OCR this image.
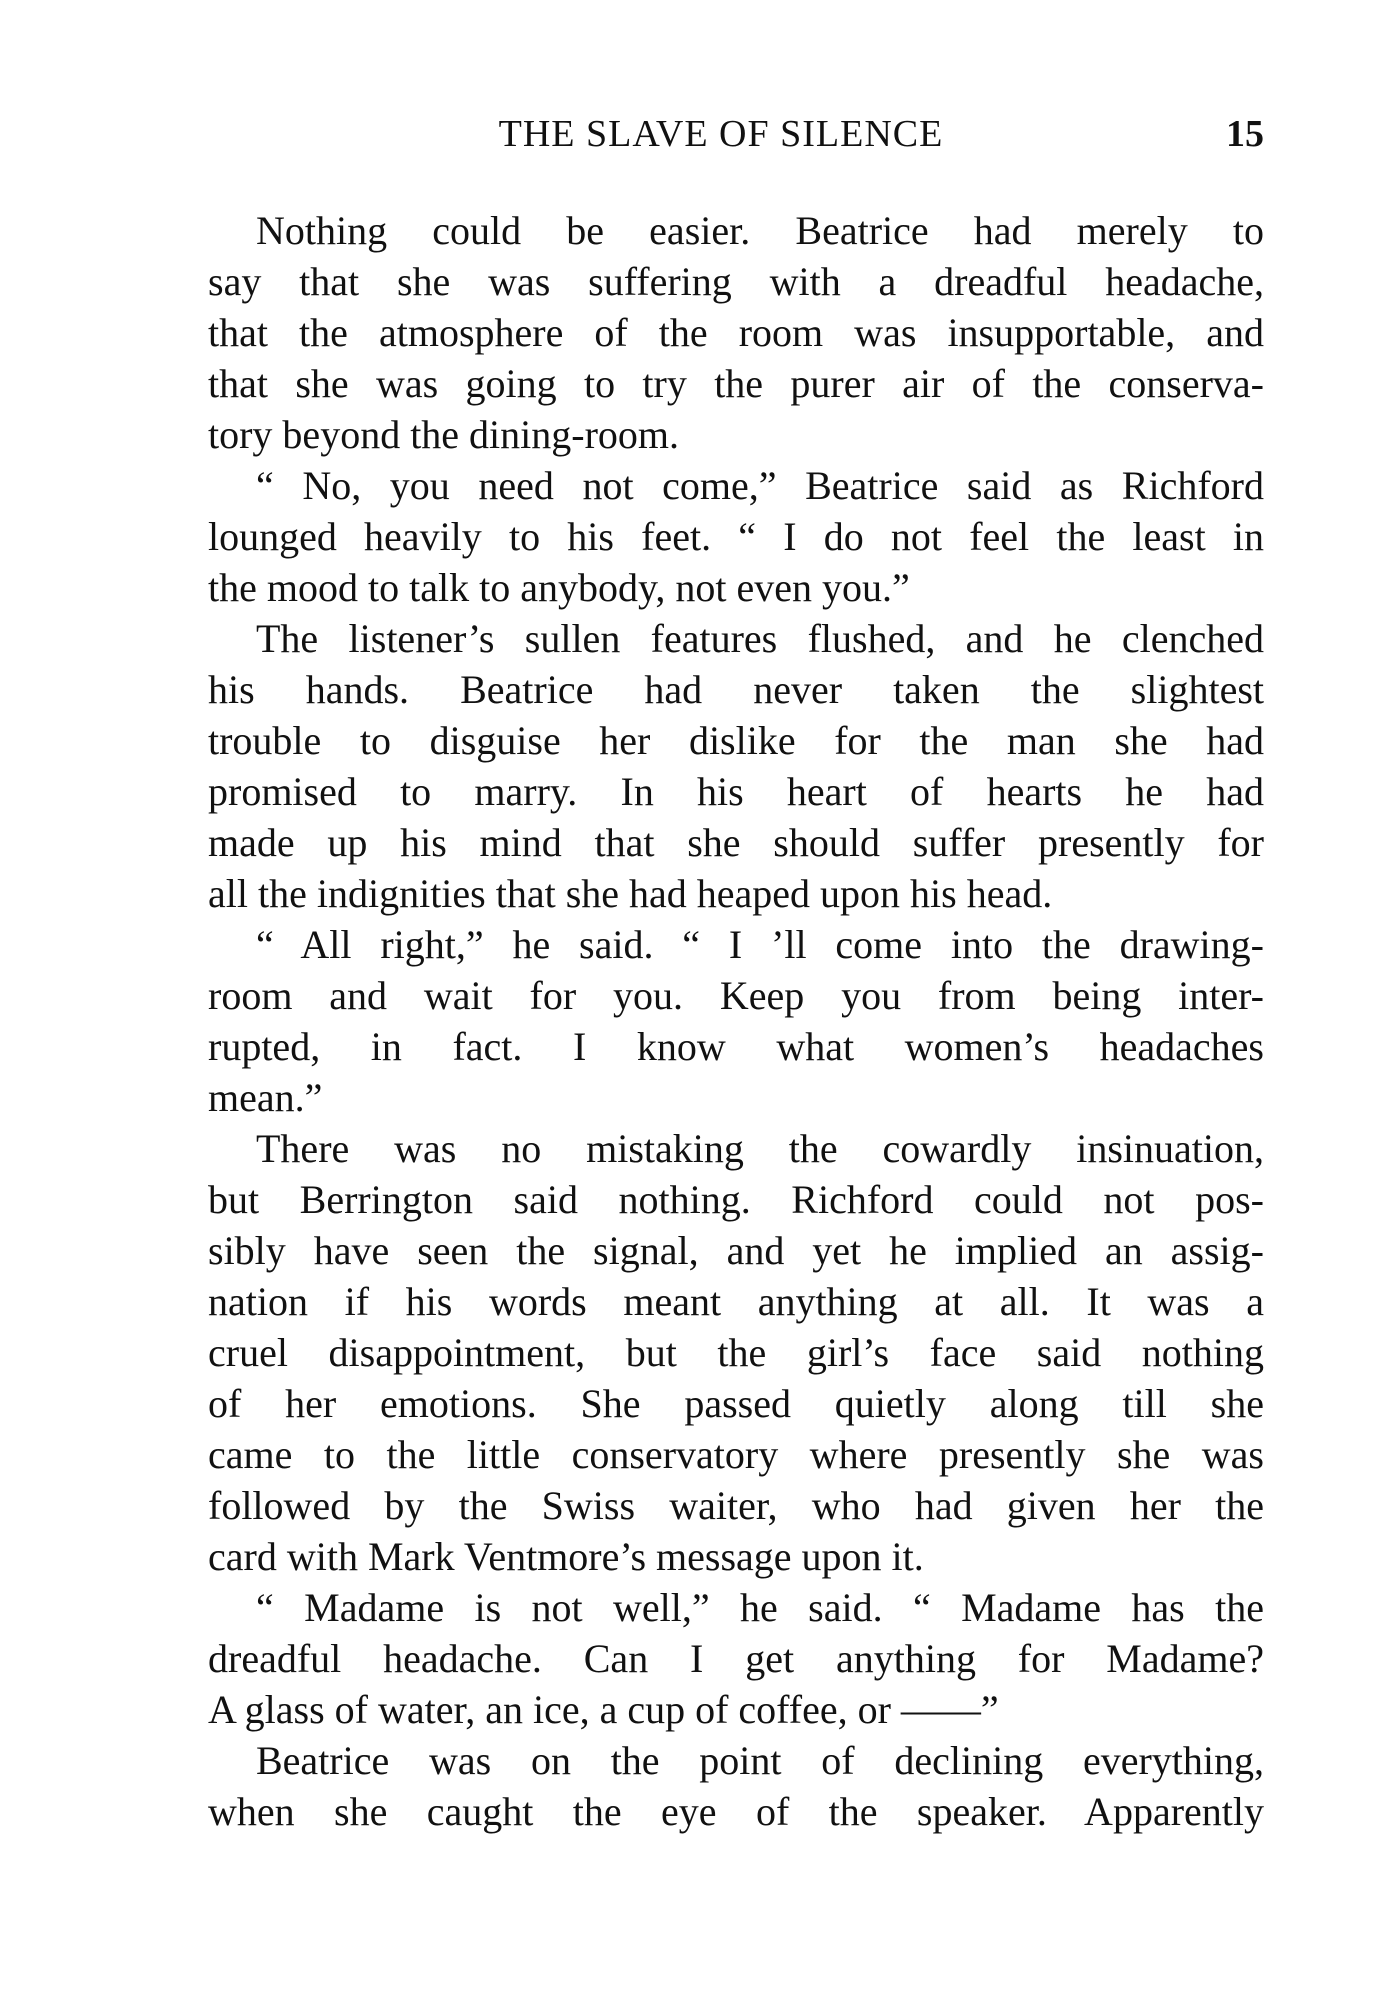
THE SLAVE OF SILENCE	15
Nothing could be easier. Beatrice had merely to
say that she was suffering with a dreadful headache,
that the atmosphere of the room was insupportable, and
that she was going to try the purer air of the conserva-
tory beyond the dining-room.
“ No, you need not come,” Beatrice said as Richford
lounged heavily to his feet. “ I do not feel the least in
the mood to talk to anybody, not even you.”
The listener’s sullen features flushed, and he clenched
his hands. Beatrice had never taken the slightest
trouble to disguise her dislike for the man she had
promised to marry. In his heart of hearts he had
made up his mind that she should suffer presently for
all the indignities that she had heaped upon his head.
“ All right,” he said. “ I ’ll come into the drawing-
room and wait for you. Keep you from being inter-
rupted, in fact. I know what women’s headaches
mean.”
There was no mistaking the cowardly insinuation,
but Berrington said nothing. Richford could not pos-
sibly have seen the signal, and yet he implied an assig-
nation if his words meant anything at all. It was a
cruel disappointment, but the girl’s face said nothing
of her emotions. She passed quietly along till she
came to the little conservatory where presently she was
followed by the Swiss waiter, who had given her the
card with Mark Ventmore’s message upon it.
“ Madame is not well,” he said. “ Madame has the
dreadful headache. Can I get anything for Madame?
A glass of water, an ice, a cup of coffee, or ——”
Beatrice was on the point of declining everything,
when she caught the eye of the speaker. Apparently
